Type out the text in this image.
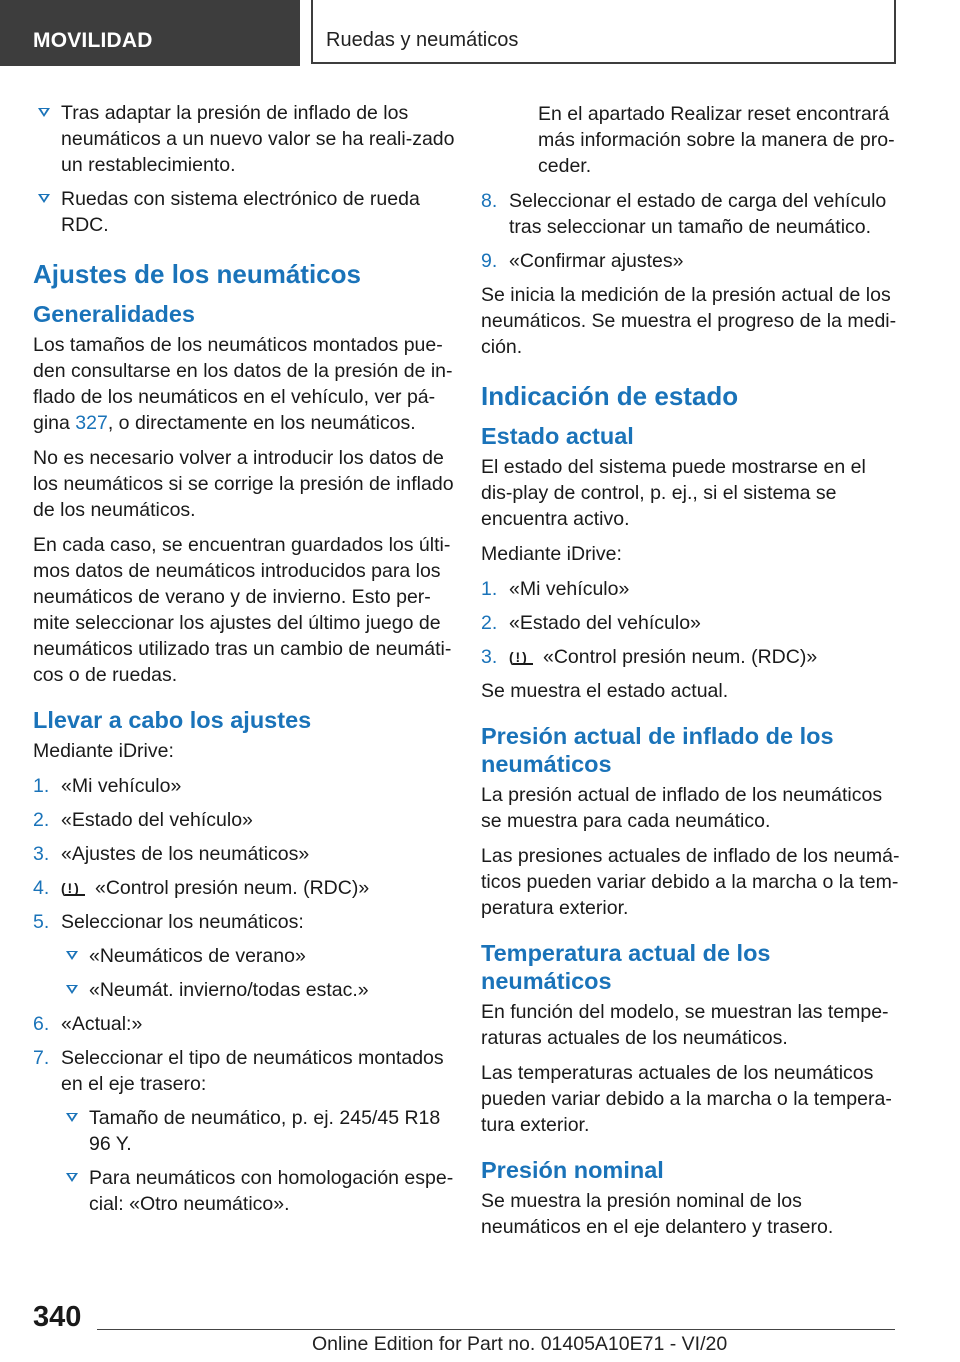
MOVILIDAD	Ruedas y neumáticos
Tras adaptar la presión de inflado de los neumáticos a un nuevo valor se ha reali-zado un restablecimiento.
Ruedas con sistema electrónico de rueda RDC.
Ajustes de los neumáticos
Generalidades

Los tamaños de los neumáticos montados pue-den consultarse en los datos de la presión de in-flado de los neumáticos en el vehículo, ver pá-gina 327, o directamente en los neumáticos.

No es necesario volver a introducir los datos de los neumáticos si se corrige la presión de inflado de los neumáticos.

En cada caso, se encuentran guardados los últi-mos datos de neumáticos introducidos para los neumáticos de verano y de invierno. Esto per-mite seleccionar los ajustes del último juego de neumáticos utilizado tras un cambio de neumáti-cos o de ruedas.

Llevar a cabo los ajustes

Mediante iDrive:

1. «Mi vehículo»
2. «Estado del vehículo»
3. «Ajustes de los neumáticos»
4. ( ! ) «Control presión neum. (RDC)»
5. Seleccionar los neumáticos:
«Neumáticos de verano»
«Neumát. invierno/todas estac.»
6. «Actual:»
7. Seleccionar el tipo de neumáticos montados en el eje trasero:
Tamaño de neumático, p. ej. 245/45 R18 96 Y.
Para neumáticos con homologación espe-cial: «Otro neumático».

En el apartado Realizar reset encontrará más información sobre la manera de pro-ceder.

8. Seleccionar el estado de carga del vehículo tras seleccionar un tamaño de neumático.
9. «Confirmar ajustes»

Se inicia la medición de la presión actual de los neumáticos. Se muestra el progreso de la medi-ción.

Indicación de estado
Estado actual

El estado del sistema puede mostrarse en el dis-play de control, p. ej., si el sistema se encuentra activo.

Mediante iDrive:

1. «Mi vehículo»
2. «Estado del vehículo»
3. ( ! ) «Control presión neum. (RDC)»

Se muestra el estado actual.

Presión actual de inflado de los neumáticos

La presión actual de inflado de los neumáticos se muestra para cada neumático.

Las presiones actuales de inflado de los neumá-ticos pueden variar debido a la marcha o la tem-peratura exterior.

Temperatura actual de los neumáticos

En función del modelo, se muestran las tempe-raturas actuales de los neumáticos.

Las temperaturas actuales de los neumáticos pueden variar debido a la marcha o la tempera-tura exterior.

Presión nominal

Se muestra la presión nominal de los neumáticos en el eje delantero y trasero.

340
Online Edition for Part no. 01405A10E71 - VI/20
